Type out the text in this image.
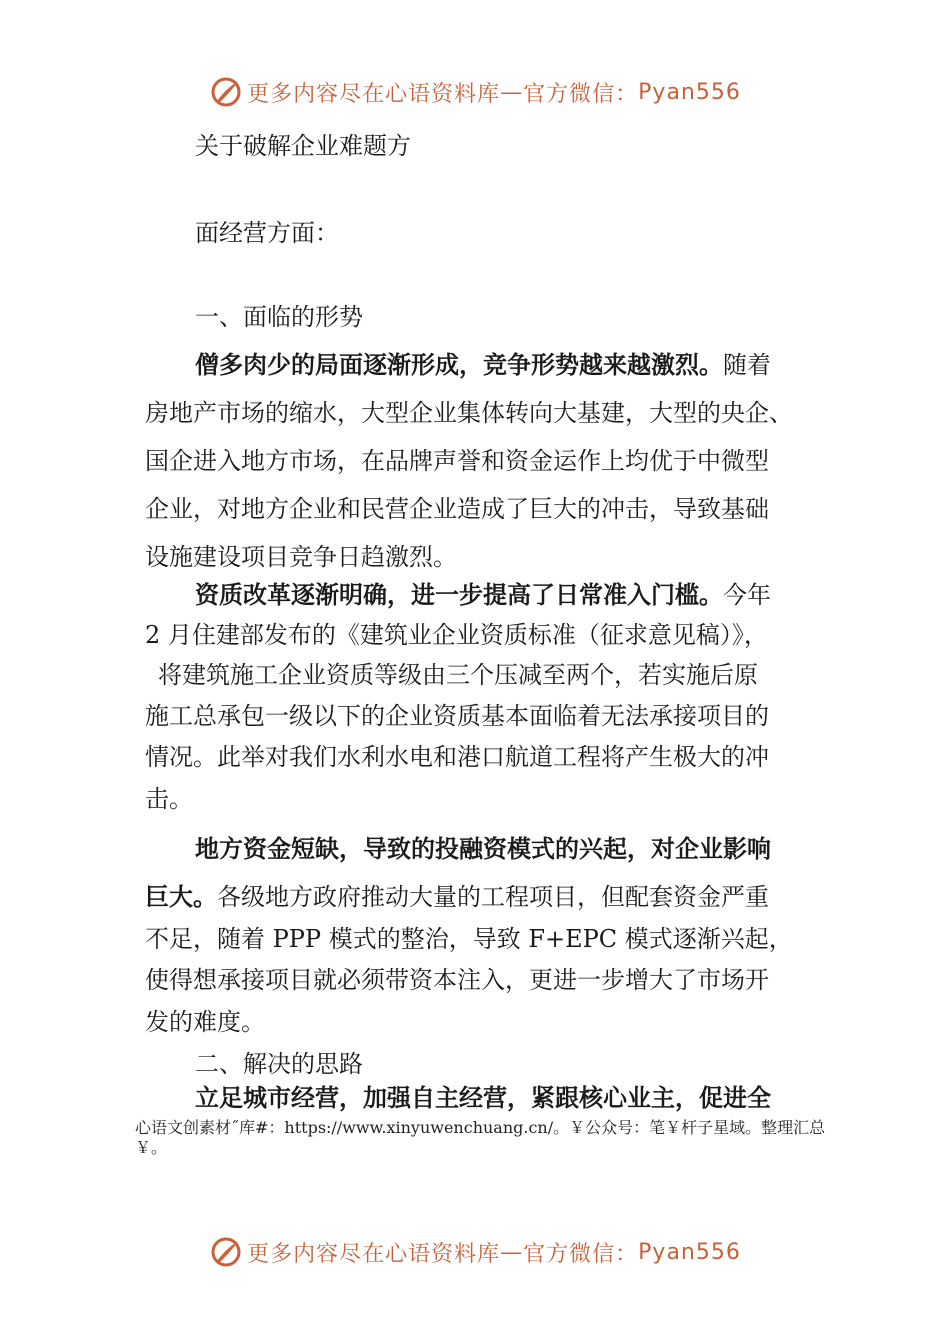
更多内容尽在心语资料库 — 官方微信： Pyan556
关于破解企业难题方
面经营方面：
一、面临的形势
僧多肉少的局面逐渐形成，竞争形势越来越激烈。随着
房地产市场的缩水，大型企业集体转向大基建，大型的央企、
国企进入地方市场，在品牌声誉和资金运作上均优于中微型
企业，对地方企业和民营企业造成了巨大的冲击，导致基础
设施建设项目竞争日趋激烈。
资质改革逐渐明确，进一步提高了日常准入门槛。今年
2 月住建部发布的《建筑业企业资质标准（征求意见稿）》，
将建筑施工企业资质等级由三个压减至两个，若实施后原
施工总承包一级以下的企业资质基本面临着无法承接项目的
情况。此举对我们水利水电和港口航道工程将产生极大的冲
击。
地方资金短缺，导致的投融资模式的兴起，对企业影响
巨大。各级地方政府推动大量的工程项目，但配套资金严重
不足，随着 PPP 模式的整治，导致 F+EPC 模式逐渐兴起，
使得想承接项目就必须带资本注入，更进一步增大了市场开
发的难度。
二、解决的思路
立足城市经营，加强自主经营，紧跟核心业主，促进全
心语文创素材˝库#：https://www.xinyuwenchuang.cn/。￥公众号：笔￥杆子星域。整理汇总￥。
更多内容尽在心语资料库 — 官方微信： Pyan556
